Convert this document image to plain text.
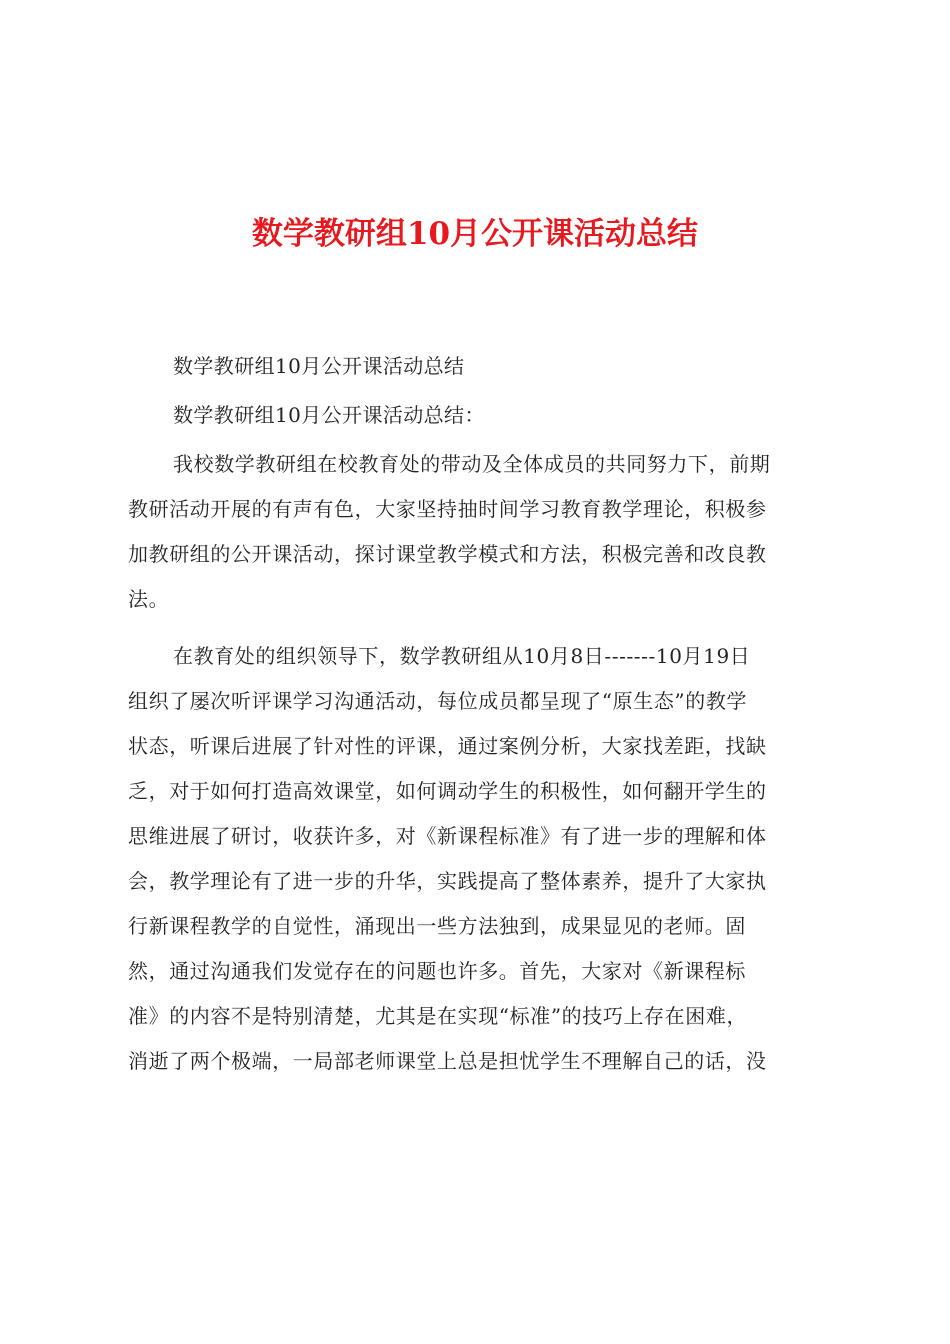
数学教研组10月公开课活动总结

数学教研组10月公开课活动总结

数学教研组10月公开课活动总结：

我校数学教研组在校教育处的带动及全体成员的共同努力下，前期

教研活动开展的有声有色，大家坚持抽时间学习教育教学理论，积极参

加教研组的公开课活动，探讨课堂教学模式和方法，积极完善和改良教

法。

在教育处的组织领导下，数学教研组从10月8日-------10月19日

组织了屡次听评课学习沟通活动，每位成员都呈现了“原生态”的教学

状态，听课后进展了针对性的评课，通过案例分析，大家找差距，找缺

乏，对于如何打造高效课堂，如何调动学生的积极性，如何翻开学生的

思维进展了研讨，收获许多，对《新课程标准》有了进一步的理解和体

会，教学理论有了进一步的升华，实践提高了整体素养，提升了大家执

行新课程教学的自觉性，涌现出一些方法独到，成果显见的老师。固

然，通过沟通我们发觉存在的问题也许多。首先，大家对《新课程标

准》的内容不是特别清楚，尤其是在实现“标准”的技巧上存在困难，

消逝了两个极端，一局部老师课堂上总是担忧学生不理解自己的话，没
